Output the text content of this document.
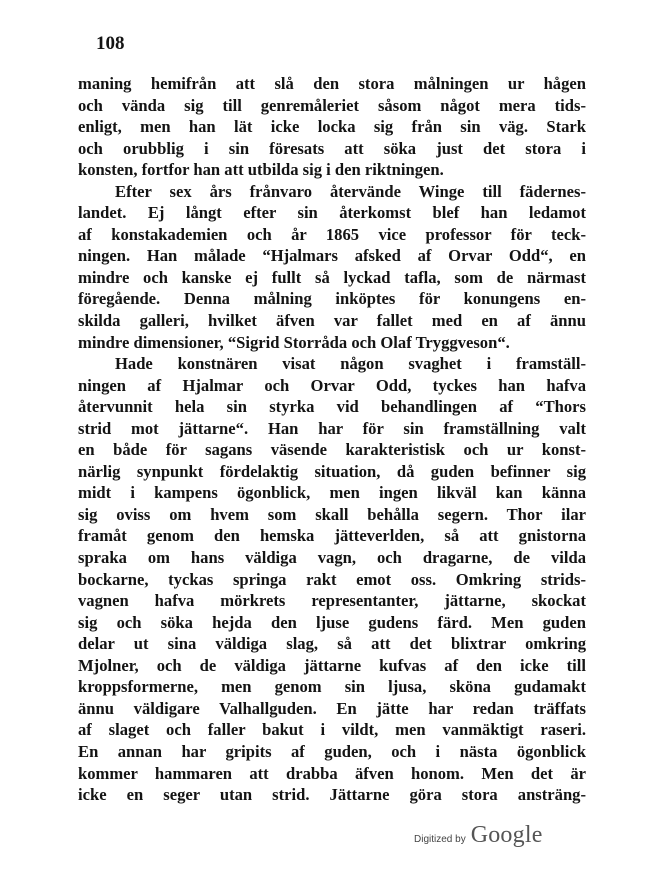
108
maning hemifrån att slå den stora målningen ur hågen
och vända sig till genremåleriet såsom något mera tids-
enligt, men han lät icke locka sig från sin väg. Stark
och orubblig i sin föresats att söka just det stora i
konsten, fortfor han att utbilda sig i den riktningen.
Efter sex års frånvaro återvände Winge till fädernes-
landet. Ej långt efter sin återkomst blef han ledamot
af konstakademien och år 1865 vice professor för teck-
ningen. Han målade “Hjalmars afsked af Orvar Odd“, en
mindre och kanske ej fullt så lyckad tafla, som de närmast
föregående. Denna målning inköptes för konungens en-
skilda galleri, hvilket äfven var fallet med en af ännu
mindre dimensioner, “Sigrid Storråda och Olaf Tryggveson“.
Hade konstnären visat någon svaghet i framställ-
ningen af Hjalmar och Orvar Odd, tyckes han hafva
återvunnit hela sin styrka vid behandlingen af “Thors
strid mot jättarne“. Han har för sin framställning valt
en både för sagans väsende karakteristisk och ur konst-
närlig synpunkt fördelaktig situation, då guden befinner sig
midt i kampens ögonblick, men ingen likväl kan känna
sig oviss om hvem som skall behålla segern. Thor ilar
framåt genom den hemska jätteverlden, så att gnistorna
spraka om hans väldiga vagn, och dragarne, de vilda
bockarne, tyckas springa rakt emot oss. Omkring strids-
vagnen hafva mörkrets representanter, jättarne, skockat
sig och söka hejda den ljuse gudens färd. Men guden
delar ut sina väldiga slag, så att det blixtrar omkring
Mjolner, och de väldiga jättarne kufvas af den icke till
kroppsformerne, men genom sin ljusa, sköna gudamakt
ännu väldigare Valhallguden. En jätte har redan träffats
af slaget och faller bakut i vildt, men vanmäktigt raseri.
En annan har gripits af guden, och i nästa ögonblick
kommer hammaren att drabba äfven honom. Men det är
icke en seger utan strid. Jättarne göra stora ansträng-
Digitized by Google
